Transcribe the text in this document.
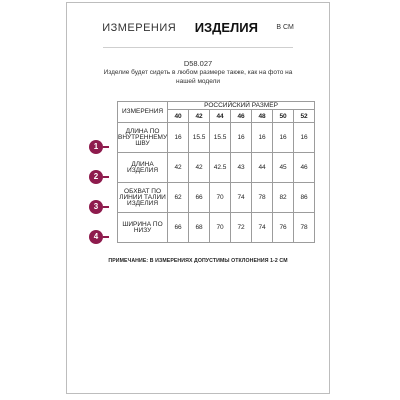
ИЗМЕРЕНИЯ ИЗДЕЛИЯ	В СМ
D58.027
Изделие будет сидеть в любом размере также, как на фото на нашей модели
ИЗМЕРЕНИЯ	РОССИЙСКИЙ РАЗМЕР						
	40	42	44	46	48	50	52
ДЛИНА ПО ВНУТРЕННЕМУ ШВУ	16	15.5	15.5	16	16	16	16
ДЛИНА ИЗДЕЛИЯ	42	42	42.5	43	44	45	46
ОБХВАТ ПО ЛИНИИ ТАЛИИ ИЗДЕЛИЯ	62	66	70	74	78	82	86
ШИРИНА ПО НИЗУ	66	68	70	72	74	76	78
1
2
3
4
ПРИМЕЧАНИЕ: В ИЗМЕРЕНИЯХ ДОПУСТИМЫ ОТКЛОНЕНИЯ 1-2 СМ
